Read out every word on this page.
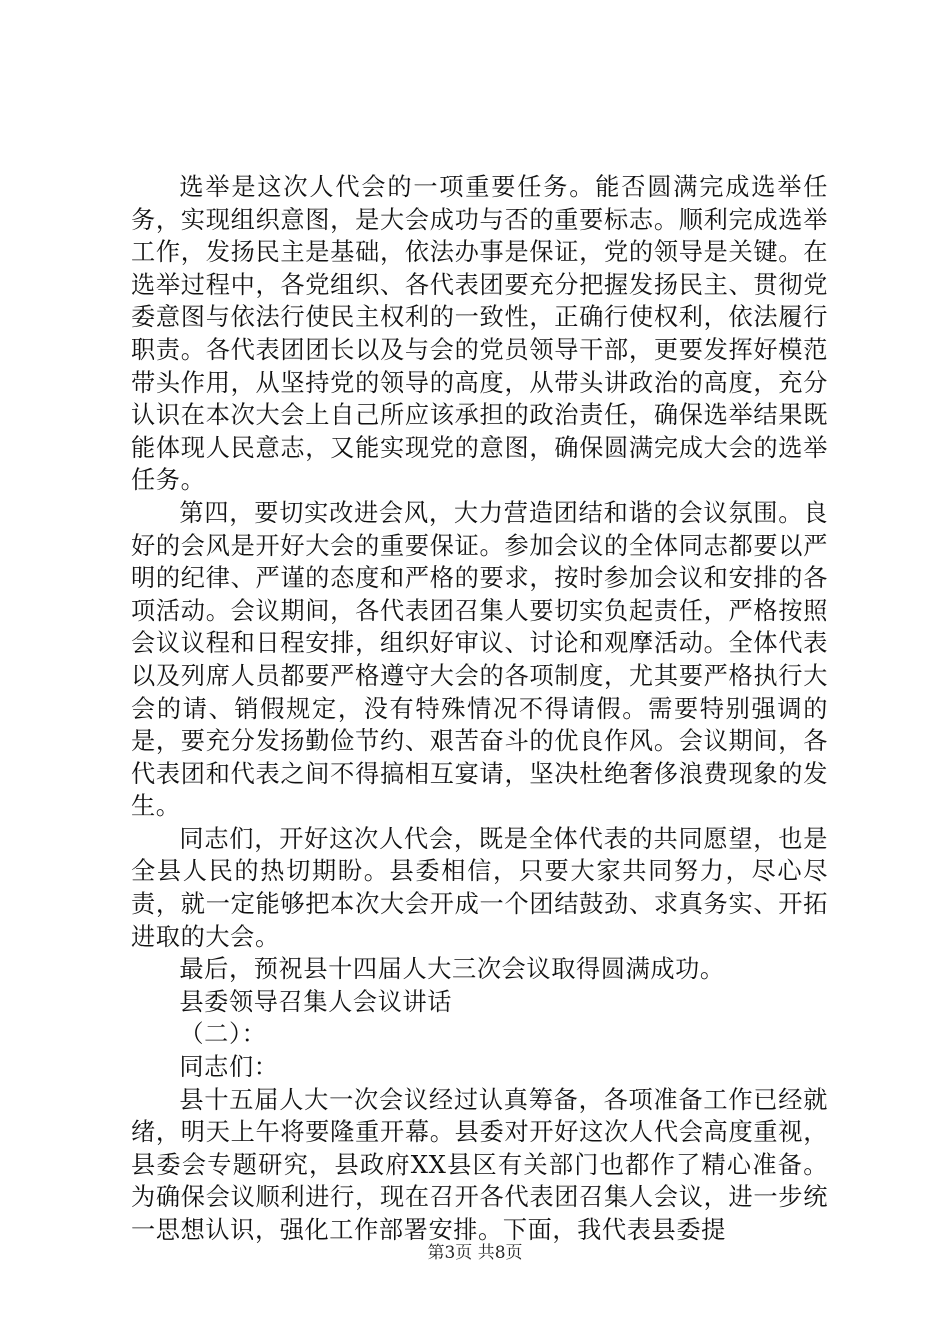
选举是这次人代会的一项重要任务。能否圆满完成选举任务，实现组织意图，是大会成功与否的重要标志。顺利完成选举工作，发扬民主是基础，依法办事是保证，党的领导是关键。在选举过程中，各党组织、各代表团要充分把握发扬民主、贯彻党委意图与依法行使民主权利的一致性，正确行使权利，依法履行职责。各代表团团长以及与会的党员领导干部，更要发挥好模范带头作用，从坚持党的领导的高度，从带头讲政治的高度，充分认识在本次大会上自己所应该承担的政治责任，确保选举结果既能体现人民意志，又能实现党的意图，确保圆满完成大会的选举任务。

第四，要切实改进会风，大力营造团结和谐的会议氛围。良好的会风是开好大会的重要保证。参加会议的全体同志都要以严明的纪律、严谨的态度和严格的要求，按时参加会议和安排的各项活动。会议期间，各代表团召集人要切实负起责任，严格按照会议议程和日程安排，组织好审议、讨论和观摩活动。全体代表以及列席人员都要严格遵守大会的各项制度，尤其要严格执行大会的请、销假规定，没有特殊情况不得请假。需要特别强调的是，要充分发扬勤俭节约、艰苦奋斗的优良作风。会议期间，各代表团和代表之间不得搞相互宴请，坚决杜绝奢侈浪费现象的发生。

同志们，开好这次人代会，既是全体代表的共同愿望，也是全县人民的热切期盼。县委相信，只要大家共同努力，尽心尽责，就一定能够把本次大会开成一个团结鼓劲、求真务实、开拓进取的大会。

最后，预祝县十四届人大三次会议取得圆满成功。

县委领导召集人会议讲话

（二）：

同志们：

县十五届人大一次会议经过认真筹备，各项准备工作已经就绪，明天上午将要隆重开幕。县委对开好这次人代会高度重视，县委会专题研究，县政府XX县区有关部门也都作了精心准备。为确保会议顺利进行，现在召开各代表团召集人会议，进一步统一思想认识，强化工作部署安排。下面，我代表县委提

第3页 共8页
